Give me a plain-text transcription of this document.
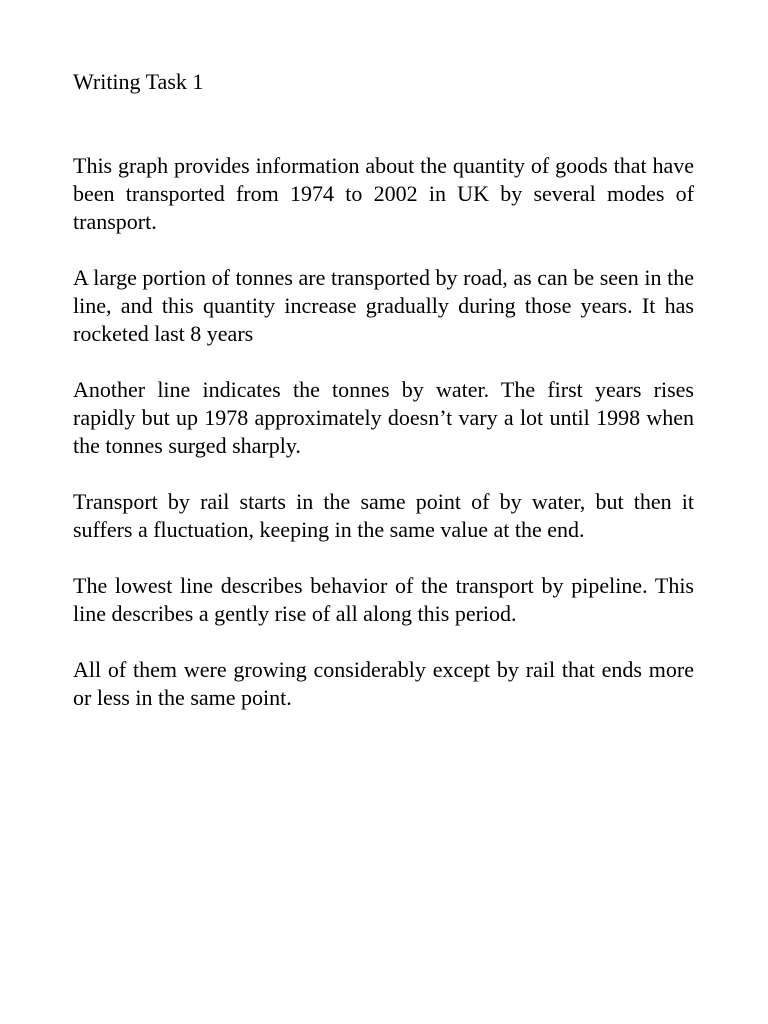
Writing Task 1

This graph provides information about the quantity of goods that have been transported from 1974 to 2002 in UK by several modes of transport.

A large portion of tonnes are transported by road, as can be seen in the line, and this quantity increase gradually during those years. It has rocketed last 8 years

Another line indicates the tonnes by water. The first years rises rapidly but up 1978 approximately doesn’t vary a lot until 1998 when the tonnes surged sharply.

Transport by rail starts in the same point of by water, but then it suffers a fluctuation, keeping in the same value at the end.

The lowest line describes behavior of the transport by pipeline. This line describes a gently rise of all along this period.

All of them were growing considerably except by rail that ends more or less in the same point.
